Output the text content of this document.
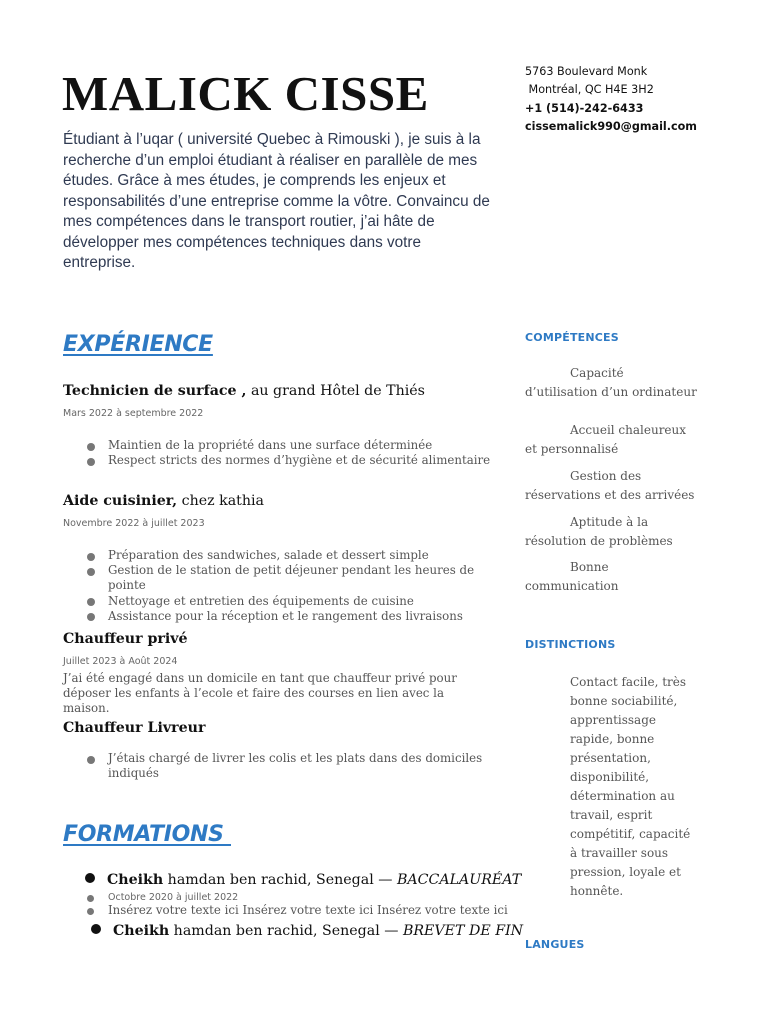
MALICK CISSE

Étudiant à l’uqar ( université Quebec à Rimouski ), je suis à la recherche d’un emploi étudiant à réaliser en parallèle de mes études. Grâce à mes études, je comprends les enjeux et responsabilités d’une entreprise comme la vôtre. Convaincu de mes compétences dans le transport routier, j’ai hâte de développer mes compétences techniques dans votre entreprise.

5763 Boulevard Monk
Montréal, QC H4E 3H2
+1 (514)-242-6433
cissemalick990@gmail.com
EXPÉRIENCE

Technicien de surface , au grand Hôtel de Thiés

Mars 2022 à septembre 2022

Maintien de la propriété dans une surface déterminée
Respect stricts des normes d’hygiène et de sécurité alimentaire

Aide cuisinier, chez kathia

Novembre 2022 à juillet 2023

Préparation des sandwiches, salade et dessert simple
Gestion de le station de petit déjeuner pendant les heures de pointe
Nettoyage et entretien des équipements de cuisine
Assistance pour la réception et le rangement des livraisons

Chauffeur privé

Juillet 2023 à Août 2024

J’ai été engagé dans un domicile en tant que chauffeur privé pour déposer les enfants à l’ecole et faire des courses en lien avec la maison.

Chauffeur Livreur

J’étais chargé de livrer les colis et les plats dans des domiciles indiqués
FORMATIONS
Cheikh hamdan ben rachid, Senegal — BACCALAURÉAT
Octobre 2020 à juillet 2022
Insérez votre texte ici Insérez votre texte ici Insérez votre texte ici
Cheikh hamdan ben rachid, Senegal — BREVET DE FIN
COMPÉTENCES

Capacité d’utilisation d’un ordinateur

Accueil chaleureux et personnalisé

Gestion des réservations et des arrivées

Aptitude à la résolution de problèmes

Bonne communication

DISTINCTIONS

Contact facile, très bonne sociabilité, apprentissage rapide, bonne présentation, disponibilité, détermination au travail, esprit compétitif, capacité à travailler sous pression, loyale et honnête.

LANGUES
